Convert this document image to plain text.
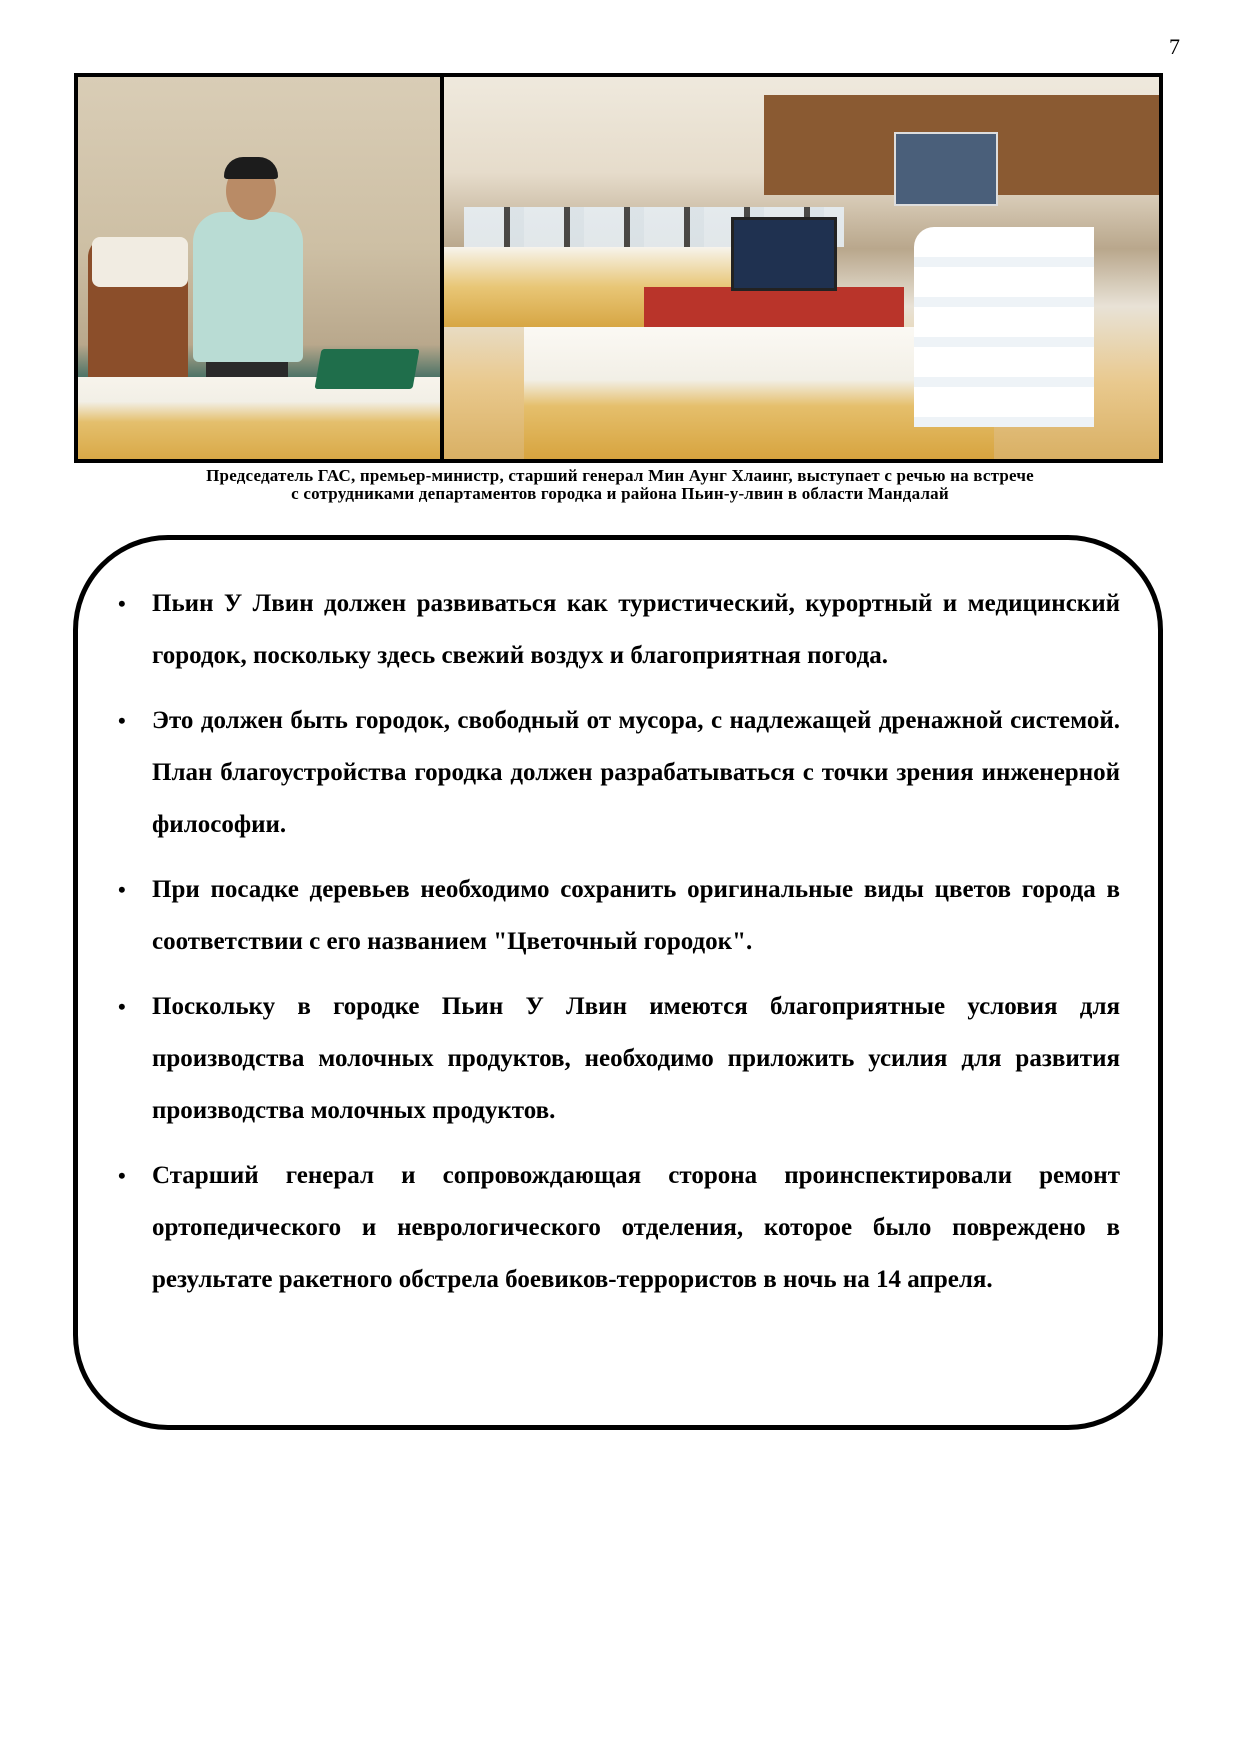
7
Председатель ГАС, премьер-министр, старший генерал Мин Аунг Хлаинг, выступает с речью на встрече
с сотрудниками департаментов городка и района Пьин-у-лвин в области Мандалай
• Пьин У Лвин должен развиваться как туристический, курортный и медицинский городок, поскольку здесь свежий воздух и благоприятная погода.
• Это должен быть городок, свободный от мусора, с надлежащей дренажной системой. План благоустройства городка должен разрабатываться с точки зрения инженерной философии.
• При посадке деревьев необходимо сохранить оригинальные виды цветов города в соответствии с его названием "Цветочный городок".
• Поскольку в городке Пьин У Лвин имеются благоприятные условия для производства молочных продуктов, необходимо приложить усилия для развития производства молочных продуктов.
• Старший генерал и сопровождающая сторона проинспектировали ремонт ортопедического и неврологического отделения, которое было повреждено в результате ракетного обстрела боевиков-террористов в ночь на 14 апреля.
